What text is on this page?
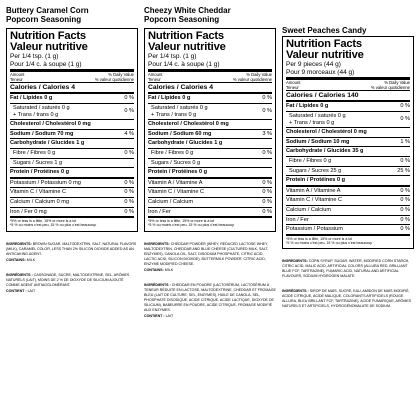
Buttery Caramel Corn
Popcorn Seasoning
Nutrition Facts
Valeur nutritive
Per 1/4 tsp. (1 g)
Pour 1/4 c. à soupe (1 g)
Amount
Teneur
% Daily Value
% valeur quotidienne
Calories / Calories 4
Fat / Lipides 0 g	0 %
Saturated / saturés 0 g
+ Trans / trans 0 g
0 %
Cholesterol / Cholestérol 0 mg
Sodium / Sodium 70 mg	4 %
Carbohydrate / Glucides 1 g
Fibre / Fibres 0 g	0 %
Sugars / Sucres 1 g
Protein / Protéines 0 g
Potassium / Potassium 0 mg	0 %
Vitamin C / Vitamine C	0 %
Calcium / Calcium 0 mg	0 %
Iron / Fer 0 mg	0 %
*5% or less is a little, 15% or more is a lot
*5 % ou moins c'est peu, 15 % ou plus c'est beaucoup
INGREDIENTS: BROWN SUGAR, MALTODEXTRIN, SALT, NATURAL FLAVORS (MILK), CARAMEL COLOR, LESS THAN 2% SILICON DIOXIDE ADDED AS AN ANTICAKING AGENT.
CONTAINS: MILK
INGRÉDIENTS : CASSONADE, SUCRE, MALTODEXTRINE, SEL, ARÔMES NATURELS (LAIT), MOINS DE 2 % DE DIOXYDE DE SILICIUM AJOUTÉ COMME AGENT ANTIAGGLOMÉRANT.
CONTIENT : LAIT
Cheezy White Cheddar
Popcorn Seasoning
Nutrition Facts
Valeur nutritive
Per 1/4 tsp. (1 g)
Pour 1/4 c. à soupe (1 g)
Amount
Teneur
% Daily Value
% valeur quotidienne
Calories / Calories 4
Fat / Lipides 0 g	0 %
Saturated / saturés 0 g
+ Trans / trans 0 g
0 %
Cholesterol / Cholestérol 0 mg
Sodium / Sodium 60 mg	3 %
Carbohydrate / Glucides 1 g
Fibre / Fibres 0 g	0 %
Sugars / Sucres 0 g
Protein / Protéines 0 g
Vitamin A / Vitamine A	0 %
Vitamin C / Vitamine C	0 %
Calcium / Calcium	0 %
Iron / Fer	0 %
*5% or less is a little, 15% or more is a lot
*5 % ou moins c'est peu, 15 % ou plus c'est beaucoup
INGREDIENTS: CHEDDAR POWDER (WHEY, REDUCED LACTOSE WHEY, MALTODEXTRIN, CHEDDAR AND BLUE CHEESE (CULTURED MILK, SALT, ENZYMES), CANOLA OIL, SALT, DISODIUM PHOSPHATE, CITRIC ACID, LACTIC ACID, SILICON DIOXIDE), BUTTERMILK POWDER, CITRIC ACID, ENZYME MODIFIED CHEESE.
CONTAINS: MILK
INGRÉDIENTS : CHEDDAR EN POUDRE (LACTOSÉRUM, LACTOSÉRUM À TENEUR RÉDUITE EN LACTOSE, MALTODEXTRINE, CHEDDAR ET FROMAGE BLEU (LAIT DE CULTURE, SEL, ENZYMES), HUILE DE CANOLA, SEL, PHOSPHATE DISODIQUE, ACIDE CITRIQUE, ACIDE LACTIQUE, DIOXYDE DE SILICIUM), BABEURRE EN POUDRE, ACIDE CITRIQUE, FROMAGE MODIFIÉ AUX ENZYMES.
CONTIENT : LAIT
Sweet Peaches Candy
Nutrition Facts
Valeur nutritive
Per 9 pieces (44 g)
Pour 9 morceaux (44 g)
Amount
Teneur
% Daily Value
% valeur quotidienne
Calories / Calories 140
Fat / Lipides 0 g	0 %
Saturated / saturés 0 g
+ Trans / trans 0 g
0 %
Cholesterol / Cholestérol 0 mg
Sodium / Sodium 10 mg	1 %
Carbohydrate / Glucides 35 g
Fibre / Fibres 0 g	0 %
Sugars / Sucres 25 g	25 %
Protein / Protéines 0 g
Vitamin A / Vitamine A	0 %
Vitamin C / Vitamine C	0 %
Calcium / Calcium	0 %
Iron / Fer	0 %
Potassium / Potassium	0 %
*5% or less is a little, 15% or more is a lot
*5 % ou moins c'est peu, 15 % ou plus c'est beaucoup
INGREDIENTS: CORN SYRUP, SUGAR, WATER, MODIFIED CORN STARCH, CITRIC ACID, MALIC ACID, ARTIFICIAL COLORS (ALLURA RED, BRILLIANT BLUE FCF, TARTRAZINE), FUMARIC ACID, NATURAL AND ARTIFICIAL FLAVOURS, SODIUM HYDROGEN MALATE.
INGRÉDIENTS : SIROP DE MAÏS, SUCRE, EAU, AMIDON DE MAÏS MODIFIÉ, ACIDE CITRIQUE, ACIDE MALIQUE, COLORANTS ARTIFICIELS (ROUGE ALLURA, BLEU BRILLANT FCF, TARTRAZINE), ACIDE FUMARIQUE, ARÔMES NATURELS ET ARTIFICIELS, HYDROGÉNOMALATE DE SODIUM.
